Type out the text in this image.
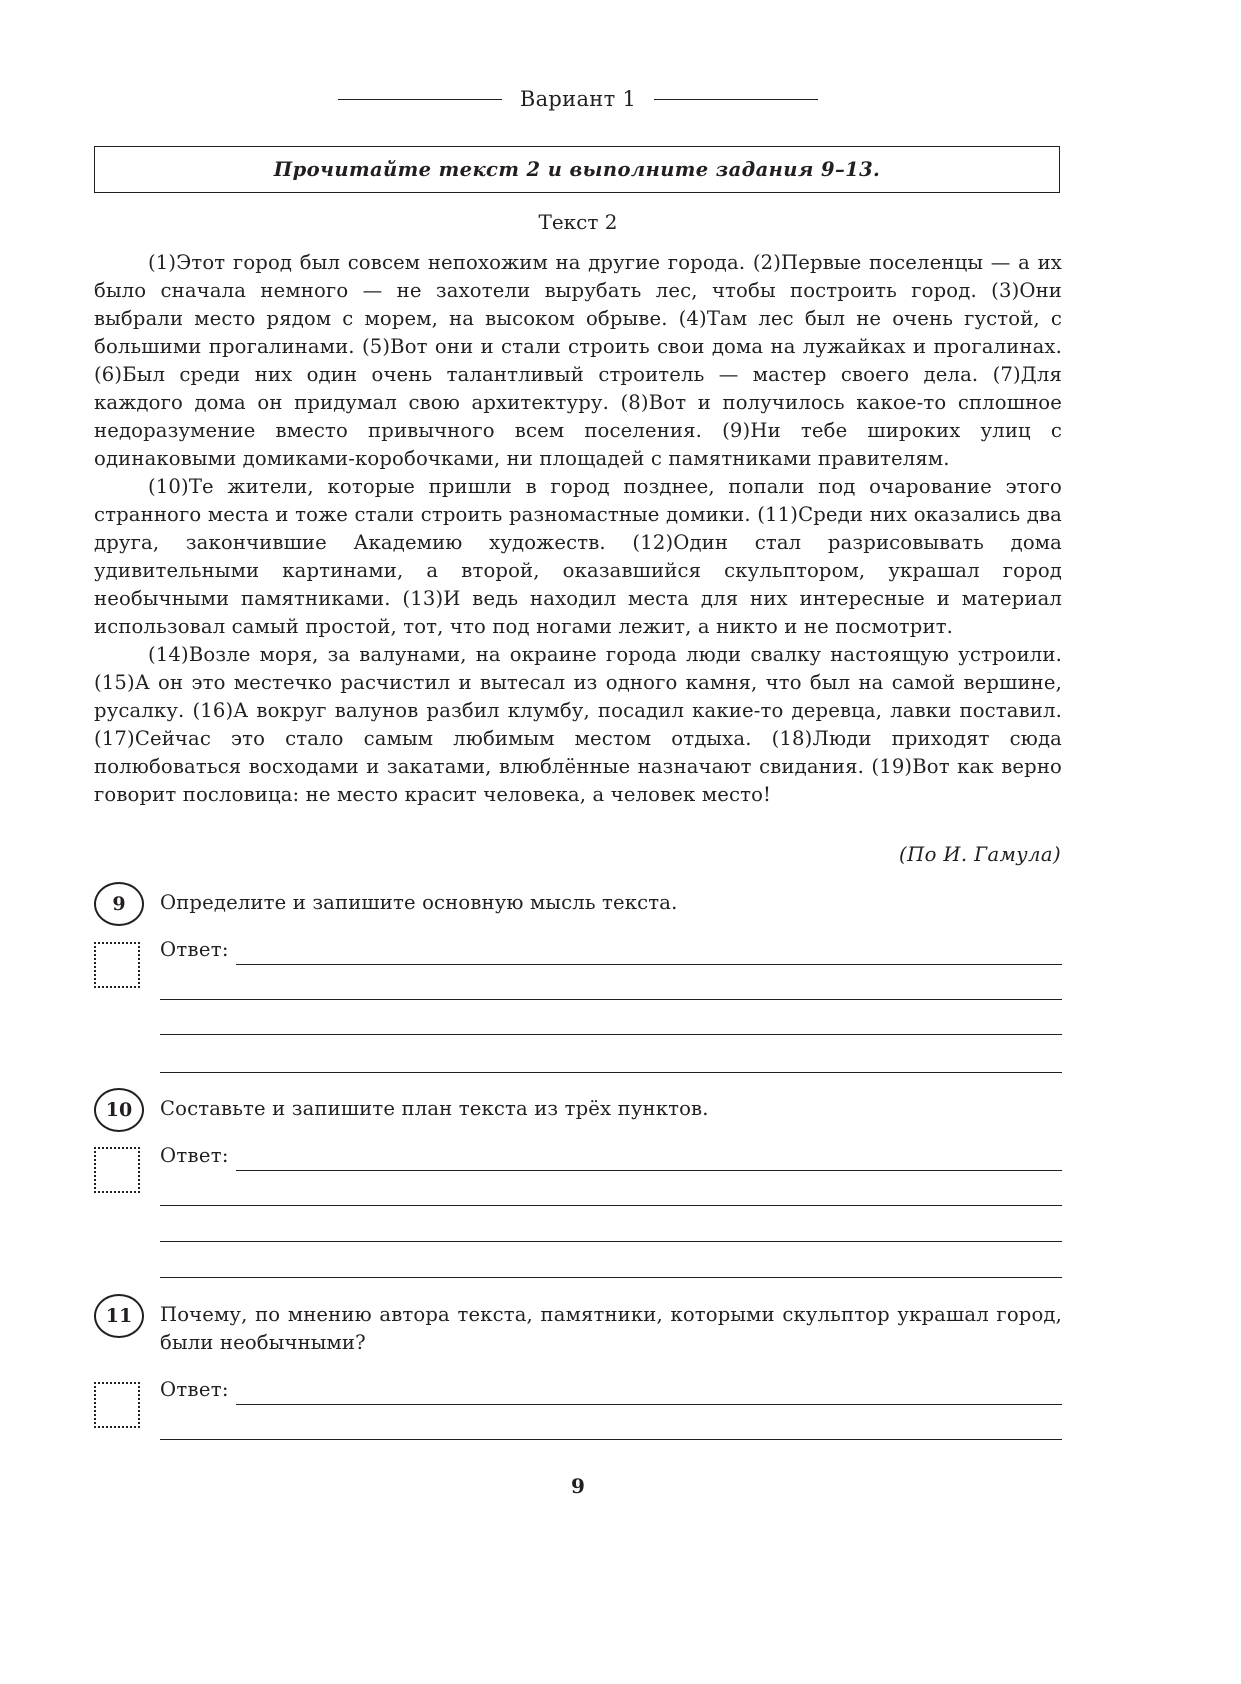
Вариант 1
Прочитайте текст 2 и выполните задания 9–13.
Текст 2

(1)Этот город был совсем непохожим на другие города. (2)Первые поселенцы — а их было сначала немного — не захотели вырубать лес, чтобы построить город. (3)Они выбрали место рядом с морем, на высоком обрыве. (4)Там лес был не очень густой, с большими прогалинами. (5)Вот они и стали строить свои дома на лужайках и прогалинах. (6)Был среди них один очень талантливый строитель — мастер своего дела. (7)Для каждого дома он придумал свою архитектуру. (8)Вот и получилось какое-то сплошное недоразумение вместо привычного всем поселения. (9)Ни тебе широких улиц с одинаковыми домиками-коробочками, ни площадей с памятниками правителям.

(10)Те жители, которые пришли в город позднее, попали под очарование этого странного места и тоже стали строить разномастные домики. (11)Среди них оказались два друга, закончившие Академию художеств. (12)Один стал разрисовывать дома удивительными картинами, а второй, оказавшийся скульптором, украшал город необычными памятниками. (13)И ведь находил места для них интересные и материал использовал самый простой, тот, что под ногами лежит, а никто и не посмотрит.

(14)Возле моря, за валунами, на окраине города люди свалку настоящую устроили. (15)А он это местечко расчистил и вытесал из одного камня, что был на самой вершине, русалку. (16)А вокруг валунов разбил клумбу, посадил какие-то деревца, лавки поставил. (17)Сейчас это стало самым любимым местом отдыха. (18)Люди приходят сюда полюбоваться восходами и закатами, влюблённые назначают свидания. (19)Вот как верно говорит пословица: не место красит человека, а человек место!

(По И. Гамула)
9	Определите и запишите основную мысль текста.
Ответ:
10	Составьте и запишите план текста из трёх пунктов.
Ответ:
11	Почему, по мнению автора текста, памятники, которыми скульптор украшал город, были необычными?
Ответ:
9
